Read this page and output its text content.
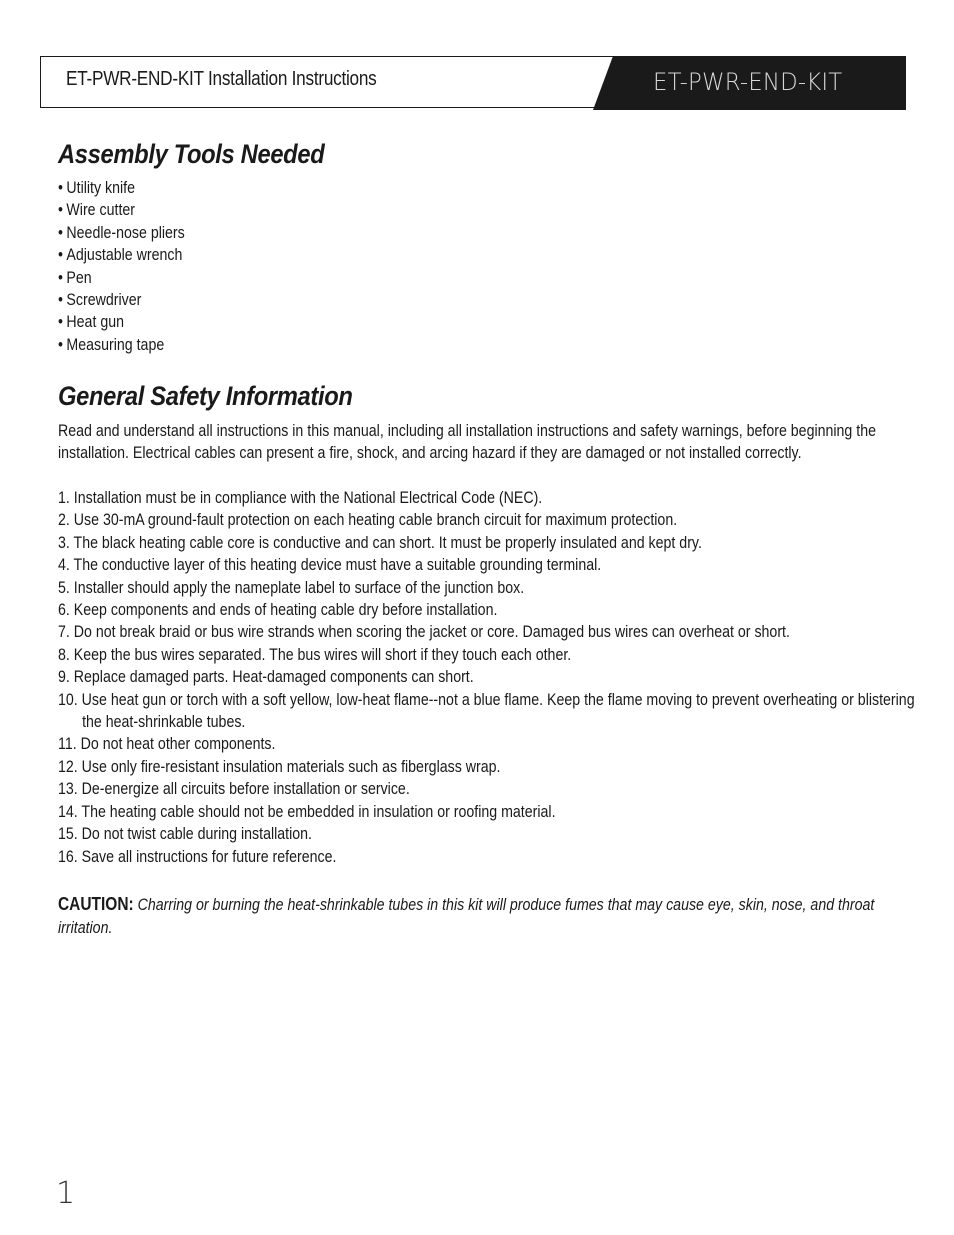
ET-PWR-END-KIT Installation Instructions	ET-PWR-END-KIT
Assembly Tools Needed
• Utility knife
• Wire cutter
• Needle-nose pliers
• Adjustable wrench
• Pen
• Screwdriver
• Heat gun
• Measuring tape
General Safety Information

Read and understand all instructions in this manual, including all installation instructions and safety warnings, before beginning the installation. Electrical cables can present a fire, shock, and arcing hazard if they are damaged or not installed correctly.

1. Installation must be in compliance with the National Electrical Code (NEC).
2. Use 30-mA ground-fault protection on each heating cable branch circuit for maximum protection.
3. The black heating cable core is conductive and can short. It must be properly insulated and kept dry.
4. The conductive layer of this heating device must have a suitable grounding terminal.
5. Installer should apply the nameplate label to surface of the junction box.
6. Keep components and ends of heating cable dry before installation.
7. Do not break braid or bus wire strands when scoring the jacket or core. Damaged bus wires can overheat or short.
8. Keep the bus wires separated. The bus wires will short if they touch each other.
9. Replace damaged parts. Heat-damaged components can short.
10. Use heat gun or torch with a soft yellow, low-heat flame--not a blue flame. Keep the flame moving to prevent overheating or blistering the heat-shrinkable tubes.
11. Do not heat other components.
12. Use only fire-resistant insulation materials such as fiberglass wrap.
13. De-energize all circuits before installation or service.
14. The heating cable should not be embedded in insulation or roofing material.
15. Do not twist cable during installation.
16. Save all instructions for future reference.

CAUTION: Charring or burning the heat-shrinkable tubes in this kit will produce fumes that may cause eye, skin, nose, and throat irritation.

1
